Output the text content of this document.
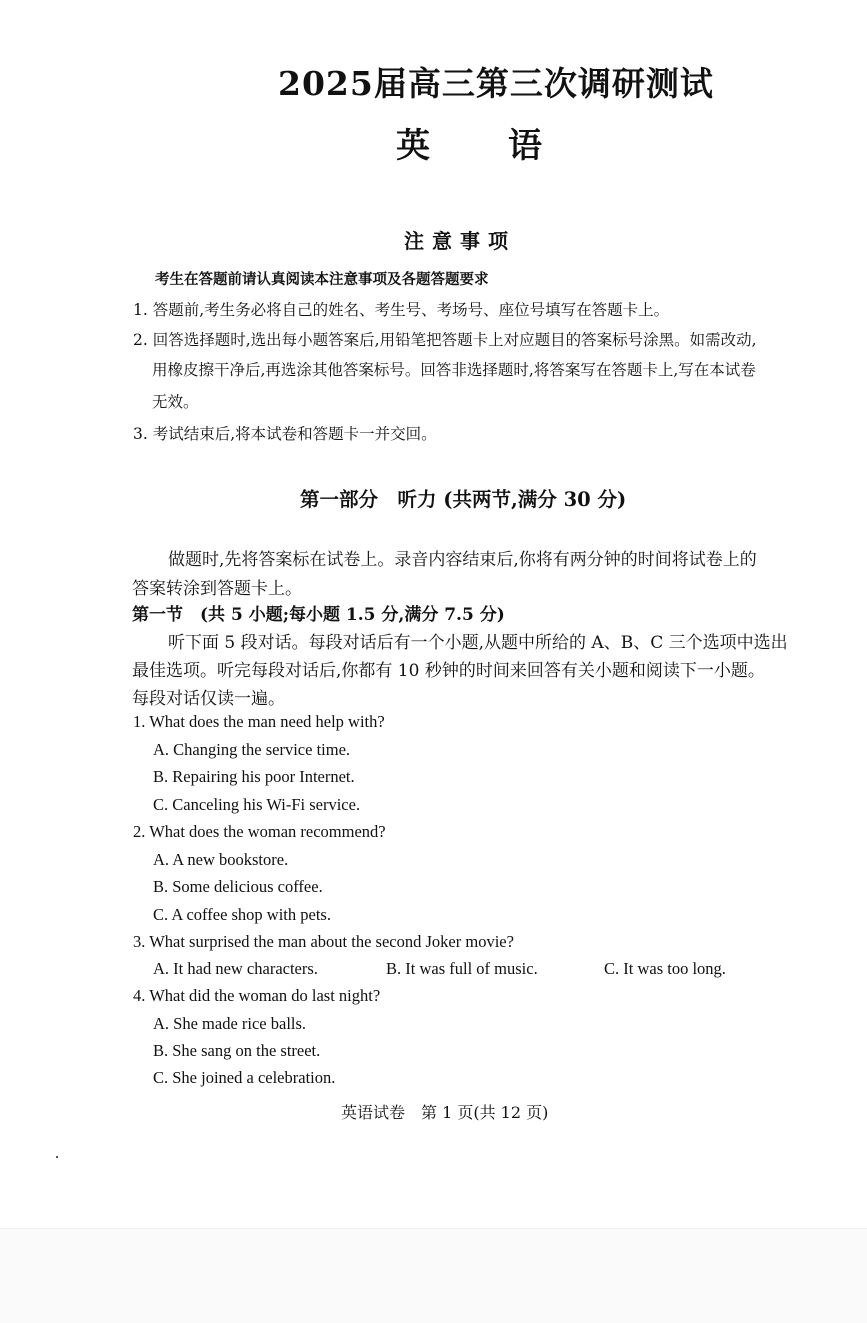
2025届高三第三次调研测试
英 语
注意事项
考生在答题前请认真阅读本注意事项及各题答题要求
1. 答题前,考生务必将自己的姓名、考生号、考场号、座位号填写在答题卡上。
2. 回答选择题时,选出每小题答案后,用铅笔把答题卡上对应题目的答案标号涂黑。如需改动,
用橡皮擦干净后,再选涂其他答案标号。回答非选择题时,将答案写在答题卡上,写在本试卷
无效。
3. 考试结束后,将本试卷和答题卡一并交回。
第一部分　听力 (共两节,满分 30 分)
做题时,先将答案标在试卷上。录音内容结束后,你将有两分钟的时间将试卷上的
答案转涂到答题卡上。
第一节　(共 5 小题;每小题 1.5 分,满分 7.5 分)
听下面 5 段对话。每段对话后有一个小题,从题中所给的 A、B、C 三个选项中选出
最佳选项。听完每段对话后,你都有 10 秒钟的时间来回答有关小题和阅读下一小题。
每段对话仅读一遍。
1. What does the man need help with?
A. Changing the service time.
B. Repairing his poor Internet.
C. Canceling his Wi-Fi service.
2. What does the woman recommend?
A. A new bookstore.
B. Some delicious coffee.
C. A coffee shop with pets.
3. What surprised the man about the second Joker movie?
A. It had new characters.	B. It was full of music.	C. It was too long.
4. What did the woman do last night?
A. She made rice balls.
B. She sang on the street.
C. She joined a celebration.
英语试卷　第 1 页(共 12 页)
